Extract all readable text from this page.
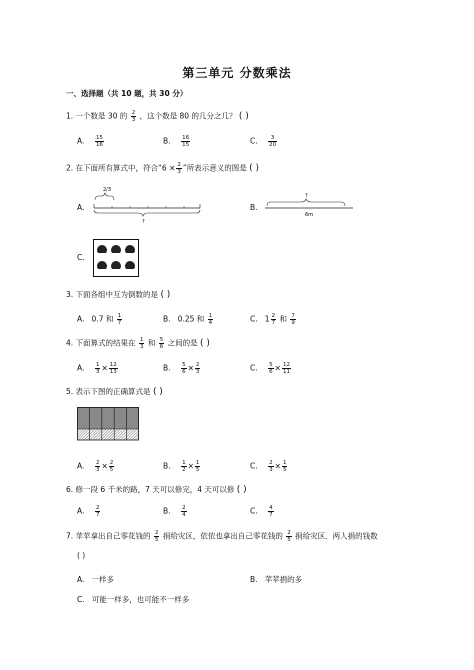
第三单元 分数乘法
一、选择题（共 10 题，共 30 分）
1. 一个数是 30 的 $\frac{2}{3}$ ，这个数是 80 的几分之几？ ( )
A. $\frac{15}{16}$	B. $\frac{16}{15}$	C. $\frac{3}{20}$
2. 在下面所有算式中，符合“$6 \times \frac{2}{3}$ ”所表示意义的图是 ( )
A.
2/3
?
B.
?
6m
C.
3. 下面各组中互为倒数的是 ( )
A. 0.7 和 $\frac{1}{7}$	B. 0.25 和 $\frac{1}{4}$	C. $1 \frac{2}{7}$ 和 $\frac{7}{9}$
4. 下面算式的结果在 $\frac{1}{3}$ 和 $\frac{5}{6}$ 之间的是 ( )
A. $\frac{1}{3} \times \frac{12}{13}$	B. $\frac{5}{6} \times \frac{2}{3}$	C. $\frac{5}{6} \times \frac{12}{11}$
5. 表示下图的正确算式是 ( )
A. $\frac{2}{3} \times \frac{2}{5}$	B. $\frac{1}{2} \times \frac{1}{5}$	C. $\frac{2}{3} \times \frac{1}{5}$
6. 修一段 6 千米的路，7 天可以修完，4 天可以修 ( )
A. $\frac{2}{7}$	B. $\frac{2}{4}$	C. $\frac{4}{7}$
7. 苹苹拿出自己零花钱的 $\frac{2}{5}$ 捐给灾区，依依也拿出自己零花钱的 $\frac{2}{5}$ 捐给灾区．两人捐的钱数
( )
A. 一样多	B. 苹苹捐的多
C. 可能一样多，也可能不一样多
